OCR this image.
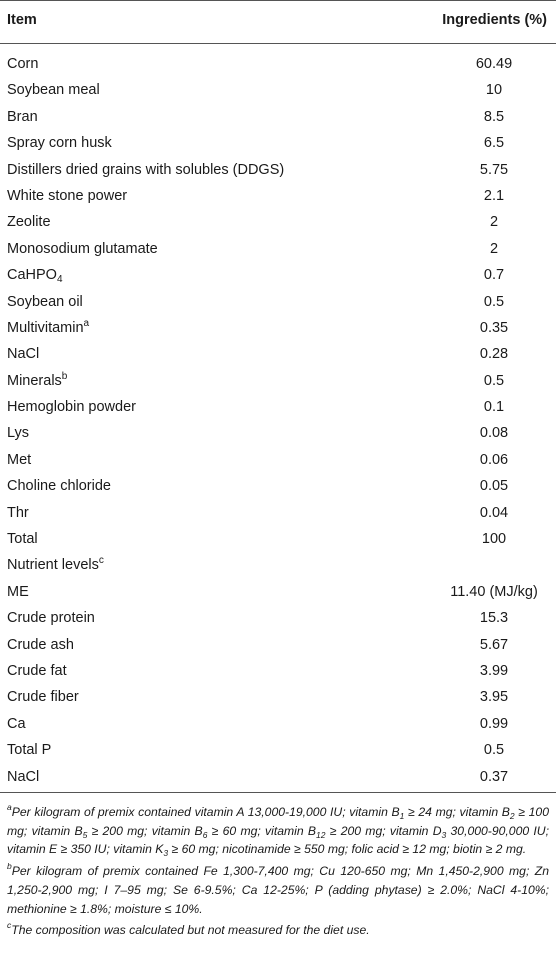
Item	Ingredients (%)
Corn	60.49
Soybean meal	10
Bran	8.5
Spray corn husk	6.5
Distillers dried grains with solubles (DDGS)	5.75
White stone power	2.1
Zeolite	2
Monosodium glutamate	2
CaHPO$_4$	0.7
Soybean oil	0.5
Multivitamin$^a$	0.35
NaCl	0.28
Minerals$^b$	0.5
Hemoglobin powder	0.1
Lys	0.08
Met	0.06
Choline chloride	0.05
Thr	0.04
Total	100
Nutrient levels$^c$
ME	11.40 (MJ/kg)
Crude protein	15.3
Crude ash	5.67
Crude fat	3.99
Crude fiber	3.95
Ca	0.99
Total P	0.5
NaCl	0.37

$^a$Per kilogram of premix contained vitamin A 13,000-19,000 IU; vitamin $B_1 \ge 24$ mg; vitamin $B_2 \ge 100$ mg; vitamin $B_5 \ge 200$ mg; vitamin $B_6 \ge 60$ mg; vitamin $B_{12} \ge 200$ mg; vitamin $D_3$ 30,000-90,000 IU; vitamin E ≥ 350 IU; vitamin $K_3 \ge 60$ mg; nicotinamide ≥ 550 mg; folic acid ≥ 12 mg; biotin ≥ 2 mg.

$^b$Per kilogram of premix contained Fe 1,300-7,400 mg; Cu 120-650 mg; Mn 1,450-2,900 mg; Zn 1,250-2,900 mg; I 7–95 mg; Se 6-9.5%; Ca 12-25%; P (adding phytase) ≥ 2.0%; NaCl 4-10%; methionine ≥ 1.8%; moisture ≤ 10%.

$^c$The composition was calculated but not measured for the diet use.
